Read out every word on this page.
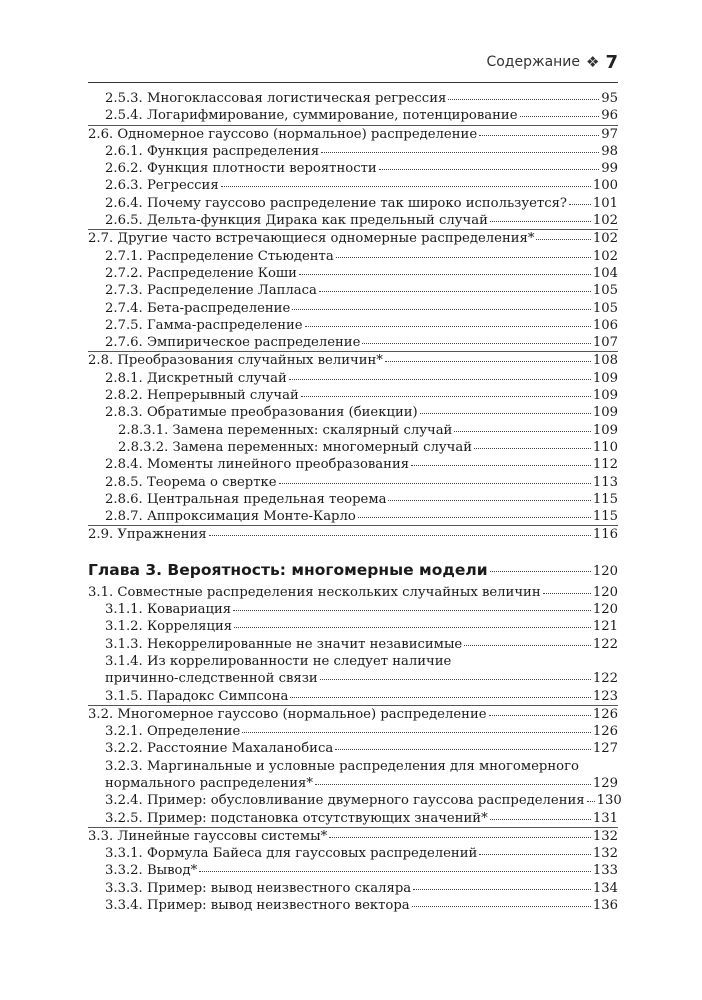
Содержание ❖ 7
2.5.3. Многоклассовая логистическая регрессия	95
2.5.4. Логарифмирование, суммирование, потенцирование	96
2.6. Одномерное гауссово (нормальное) распределение	97
2.6.1. Функция распределения	98
2.6.2. Функция плотности вероятности	99
2.6.3. Регрессия	100
2.6.4. Почему гауссово распределение так широко используется? 101
2.6.5. Дельта-функция Дирака как предельный случай	102
2.7. Другие часто встречающиеся одномерные распределения*	102
2.7.1. Распределение Стьюдента	102
2.7.2. Распределение Коши	104
2.7.3. Распределение Лапласа	105
2.7.4. Бета-распределение	105
2.7.5. Гамма-распределение	106
2.7.6. Эмпирическое распределение	107
2.8. Преобразования случайных величин*	108
2.8.1. Дискретный случай	109
2.8.2. Непрерывный случай	109
2.8.3. Обратимые преобразования (биекции)	109
2.8.3.1. Замена переменных: скалярный случай	109
2.8.3.2. Замена переменных: многомерный случай	110
2.8.4. Моменты линейного преобразования	112
2.8.5. Теорема о свертке	113
2.8.6. Центральная предельная теорема	115
2.8.7. Аппроксимация Монте-Карло	115
2.9. Упражнения	116
Глава 3. Вероятность: многомерные модели	120
3.1. Совместные распределения нескольких случайных величин	120
3.1.1. Ковариация	120
3.1.2. Корреляция	121
3.1.3. Некоррелированные не значит независимые	122
3.1.4. Из коррелированности не следует наличие
причинно-следственной связи	122
3.1.5. Парадокс Симпсона	123
3.2. Многомерное гауссово (нормальное) распределение	126
3.2.1. Определение	126
3.2.2. Расстояние Махаланобиса	127
3.2.3. Маргинальные и условные распределения для многомерного
нормального распределения*	129
3.2.4. Пример: обусловливание двумерного гауссова распределения 130
3.2.5. Пример: подстановка отсутствующих значений*	131
3.3. Линейные гауссовы системы*	132
3.3.1. Формула Байеса для гауссовых распределений	132
3.3.2. Вывод*	133
3.3.3. Пример: вывод неизвестного скаляра	134
3.3.4. Пример: вывод неизвестного вектора	136
